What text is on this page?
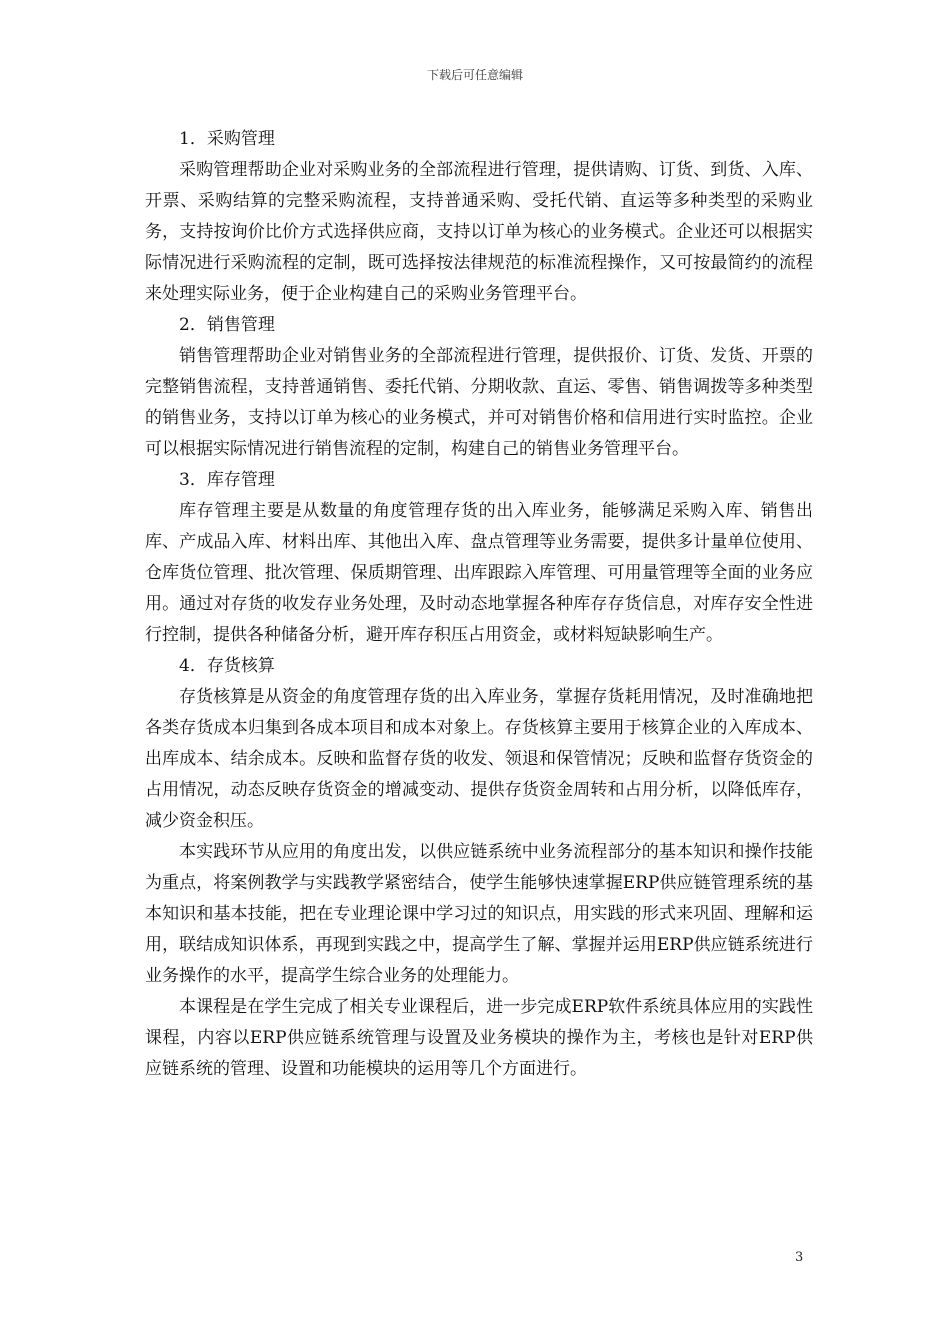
下载后可任意编辑

1．采购管理

采购管理帮助企业对采购业务的全部流程进行管理，提供请购、订货、到货、入库、开票、采购结算的完整采购流程，支持普通采购、受托代销、直运等多种类型的采购业务，支持按询价比价方式选择供应商，支持以订单为核心的业务模式。企业还可以根据实际情况进行采购流程的定制，既可选择按法律规范的标准流程操作，又可按最简约的流程来处理实际业务，便于企业构建自己的采购业务管理平台。

2．销售管理

销售管理帮助企业对销售业务的全部流程进行管理，提供报价、订货、发货、开票的完整销售流程，支持普通销售、委托代销、分期收款、直运、零售、销售调拨等多种类型的销售业务，支持以订单为核心的业务模式，并可对销售价格和信用进行实时监控。企业可以根据实际情况进行销售流程的定制，构建自己的销售业务管理平台。

3．库存管理

库存管理主要是从数量的角度管理存货的出入库业务，能够满足采购入库、销售出库、产成品入库、材料出库、其他出入库、盘点管理等业务需要，提供多计量单位使用、仓库货位管理、批次管理、保质期管理、出库跟踪入库管理、可用量管理等全面的业务应用。通过对存货的收发存业务处理，及时动态地掌握各种库存存货信息，对库存安全性进行控制，提供各种储备分析，避开库存积压占用资金，或材料短缺影响生产。

4．存货核算

存货核算是从资金的角度管理存货的出入库业务，掌握存货耗用情况，及时准确地把各类存货成本归集到各成本项目和成本对象上。存货核算主要用于核算企业的入库成本、出库成本、结余成本。反映和监督存货的收发、领退和保管情况；反映和监督存货资金的占用情况，动态反映存货资金的增减变动、提供存货资金周转和占用分析，以降低库存，减少资金积压。

本实践环节从应用的角度出发，以供应链系统中业务流程部分的基本知识和操作技能为重点，将案例教学与实践教学紧密结合，使学生能够快速掌握ERP供应链管理系统的基本知识和基本技能，把在专业理论课中学习过的知识点，用实践的形式来巩固、理解和运用，联结成知识体系，再现到实践之中，提高学生了解、掌握并运用ERP供应链系统进行业务操作的水平，提高学生综合业务的处理能力。

本课程是在学生完成了相关专业课程后，进一步完成ERP软件系统具体应用的实践性课程，内容以ERP供应链系统管理与设置及业务模块的操作为主，考核也是针对ERP供应链系统的管理、设置和功能模块的运用等几个方面进行。

3
